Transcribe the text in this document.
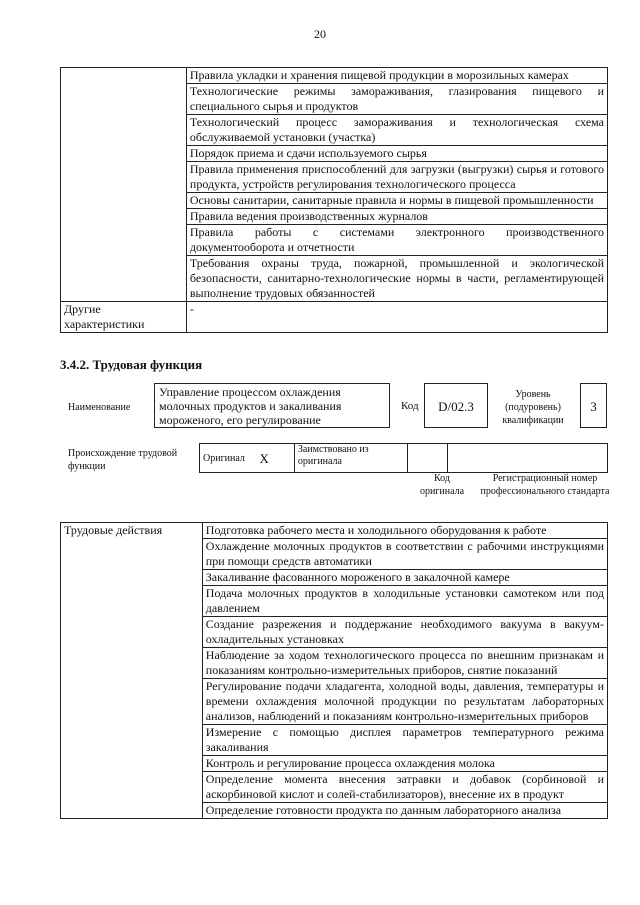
20
	Правила укладки и хранения пищевой продукции в морозильных камерах
	Технологические режимы замораживания, глазирования пищевого и специального сырья и продуктов
	Технологический процесс замораживания и технологическая схема обслуживаемой установки (участка)
	Порядок приема и сдачи используемого сырья
	Правила применения приспособлений для загрузки (выгрузки) сырья и готового продукта, устройств регулирования технологического процесса
	Основы санитарии, санитарные правила и нормы в пищевой промышленности
	Правила ведения производственных журналов
	Правила работы с системами электронного производственного документооборота и отчетности
	Требования охраны труда, пожарной, промышленной и экологической безопасности, санитарно-технологические нормы в части, регламентирующей выполнение трудовых обязанностей
Другие характеристики	-
3.4.2. Трудовая функция
Наименование
Управление процессом охлаждения молочных продуктов и закаливания мороженого, его регулирование
Код	D/02.3
Уровень (подуровень) квалификации
3
Происхождение трудовой функции
Оригинал	X	Заимствовано из оригинала		
Код оригинала
Регистрационный номер профессионального стандарта
Трудовые действия	Подготовка рабочего места и холодильного оборудования к работе
Охлаждение молочных продуктов в соответствии с рабочими инструкциями при помощи средств автоматики
Закаливание фасованного мороженого в закалочной камере
Подача молочных продуктов в холодильные установки самотеком или под давлением
Создание разрежения и поддержание необходимого вакуума в вакуум-охладительных установках
Наблюдение за ходом технологического процесса по внешним признакам и показаниям контрольно-измерительных приборов, снятие показаний
Регулирование подачи хладагента, холодной воды, давления, температуры и времени охлаждения молочной продукции по результатам лабораторных анализов, наблюдений и показаниям контрольно-измерительных приборов
Измерение с помощью дисплея параметров температурного режима закаливания
Контроль и регулирование процесса охлаждения молока
Определение момента внесения затравки и добавок (сорбиновой и аскорбиновой кислот и солей-стабилизаторов), внесение их в продукт
Определение готовности продукта по данным лабораторного анализа
